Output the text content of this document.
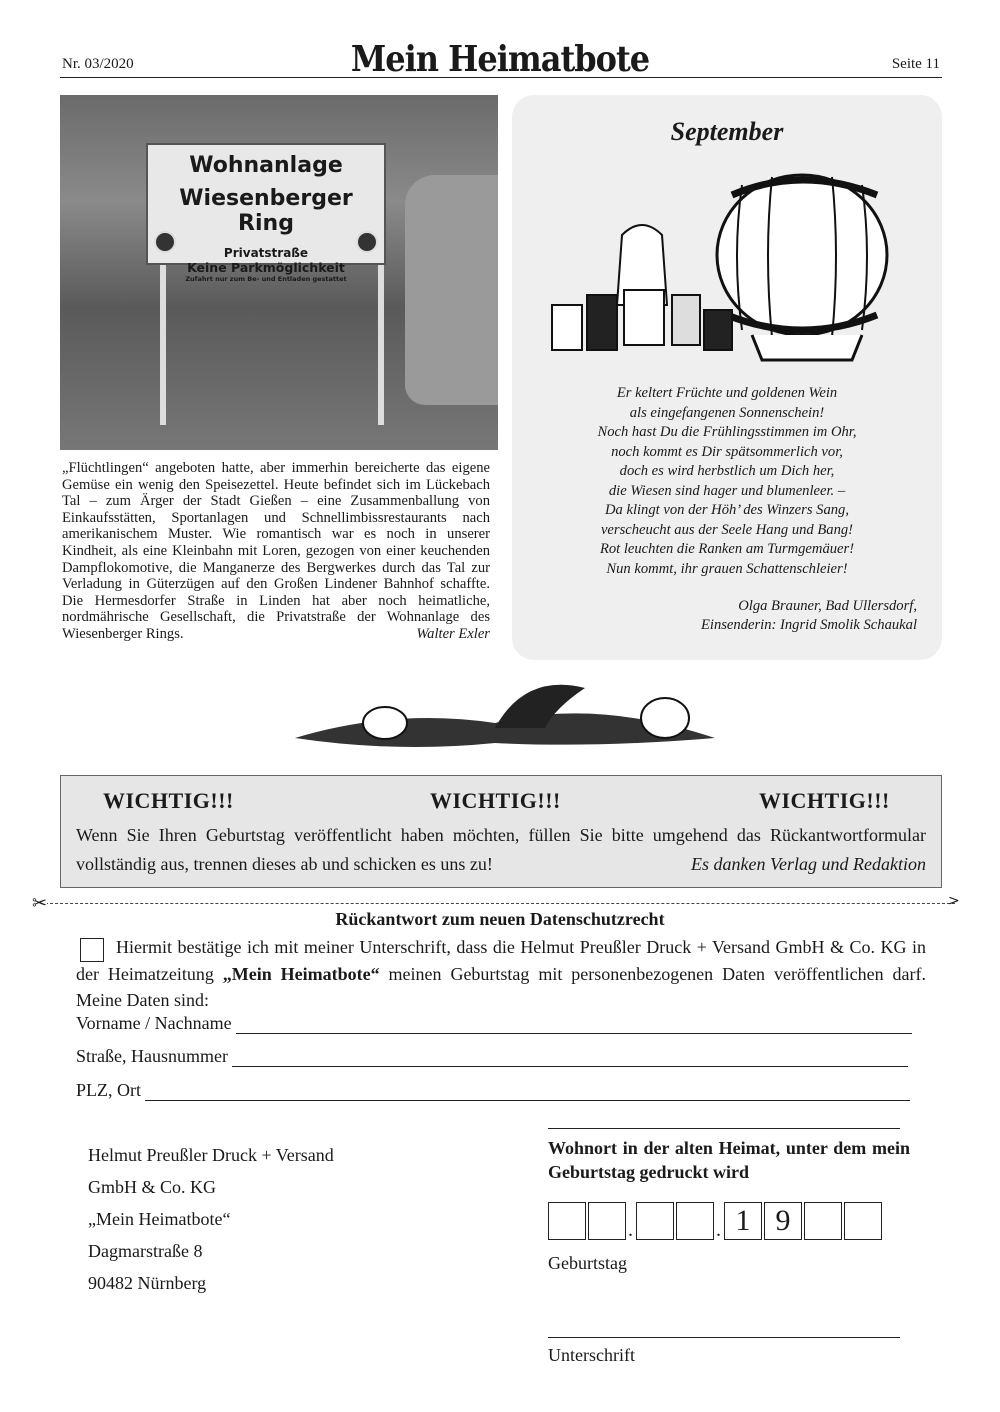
Nr. 03/2020	Mein Heimatbote	Seite 11
Wohnanlage
Wiesenberger Ring
Privatstraße
Keine Parkmöglichkeit
Zufahrt nur zum Be- und Entladen gestattet
„Flüchtlingen“ angeboten hatte, aber immerhin bereicherte das eigene Gemüse ein wenig den Speisezettel. Heute befindet sich im Lückebach Tal – zum Ärger der Stadt Gießen – eine Zusammenballung von Einkaufsstätten, Sportanlagen und Schnellimbissrestaurants nach amerikanischem Muster. Wie romantisch war es noch in unserer Kindheit, als eine Kleinbahn mit Loren, gezogen von einer keuchenden Dampflokomotive, die Manganerze des Bergwerkes durch das Tal zur Verladung in Güterzügen auf den Großen Lindener Bahnhof schaffte. Die Hermesdorfer Straße in Linden hat aber noch heimatliche, nordmährische Gesellschaft, die Privatstraße der Wohnanlage des Wiesenberger Rings.	Walter Exler
September
Er keltert Früchte und goldenen Wein
als eingefangenen Sonnenschein!
Noch hast Du die Frühlingsstimmen im Ohr,
noch kommt es Dir spätsommerlich vor,
doch es wird herbstlich um Dich her,
die Wiesen sind hager und blumenleer. –
Da klingt von der Höh’ des Winzers Sang,
verscheucht aus der Seele Hang und Bang!
Rot leuchten die Ranken am Turmgemäuer!
Nun kommt, ihr grauen Schattenschleier!
Olga Brauner, Bad Ullersdorf,
Einsenderin: Ingrid Smolik Schaukal
WICHTIG!!!	WICHTIG!!!	WICHTIG!!!
Wenn Sie Ihren Geburtstag veröffentlicht haben möchten, füllen Sie bitte umgehend das Rückantwortformular vollständig aus, trennen dieses ab und schicken es uns zu!	Es danken Verlag und Redaktion
✂	>
Rückantwort zum neuen Datenschutzrecht
Hiermit bestätige ich mit meiner Unterschrift, dass die Helmut Preußler Druck + Versand GmbH & Co. KG in der Heimatzeitung „Mein Heimatbote“ meinen Geburtstag mit personenbezogenen Daten veröffentlichen darf. Meine Daten sind:
Vorname / Nachname
Straße, Hausnummer
PLZ, Ort
Helmut Preußler Druck + Versand
GmbH & Co. KG
„Mein Heimatbote“
Dagmarstraße 8
90482 Nürnberg
Wohnort in der alten Heimat, unter dem mein Geburtstag gedruckt wird
.	. 1 9
Geburtstag
Unterschrift
